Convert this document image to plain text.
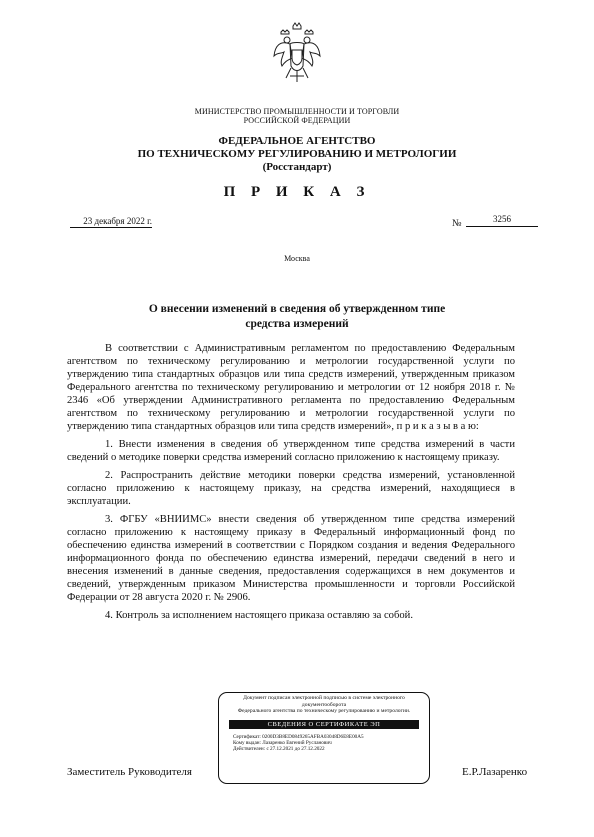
МИНИСТЕРСТВО ПРОМЫШЛЕННОСТИ И ТОРГОВЛИ
РОССИЙСКОЙ ФЕДЕРАЦИИ
ФЕДЕРАЛЬНОЕ АГЕНТСТВО
ПО ТЕХНИЧЕСКОМУ РЕГУЛИРОВАНИЮ И МЕТРОЛОГИИ
(Росстандарт)
П Р И К А З
23 декабря 2022 г.	№	3256
Москва
О внесении изменений в сведения об утвержденном типе
средства измерений

В соответствии с Административным регламентом по предоставлению Федеральным агентством по техническому регулированию и метрологии государственной услуги по утверждению типа стандартных образцов или типа средств измерений, утвержденным приказом Федерального агентства по техническому регулированию и метрологии от 12 ноября 2018 г. № 2346 «Об утверждении Административного регламента по предоставлению Федеральным агентством по техническому регулированию и метрологии государственной услуги по утверждению типа стандартных образцов или типа средств измерений», п р и к а з ы в а ю:

1. Внести изменения в сведения об утвержденном типе средства измерений в части сведений о методике поверки средства измерений согласно приложению к настоящему приказу.

2. Распространить действие методики поверки средства измерений, установленной согласно приложению к настоящему приказу, на средства измерений, находящиеся в эксплуатации.

3. ФГБУ «ВНИИМС» внести сведения об утвержденном типе средства измерений согласно приложению к настоящему приказу в Федеральный информационный фонд по обеспечению единства измерений в соответствии с Порядком создания и ведения Федерального информационного фонда по обеспечению единства измерений, передачи сведений в него и внесения изменений в данные сведения, предоставления содержащихся в нем документов и сведений, утвержденным приказом Министерства промышленности и торговли Российской Федерации от 28 августа 2020 г. № 2906.

4. Контроль за исполнением настоящего приказа оставляю за собой.

Заместитель Руководителя	Е.Р.Лазаренко
Документ подписан электронной подписью в системе электронного документооборота
Федерального агентства по техническому регулированию и метрологии.
СВЕДЕНИЯ О СЕРТИФИКАТЕ ЭП
Сертификат: 0200D3B8ED0849265AFBA03048D6E8E00A5
Кому выдан: Лазаренко Евгений Русланович
Действителен: с 27.12.2021 до 27.12.2022
